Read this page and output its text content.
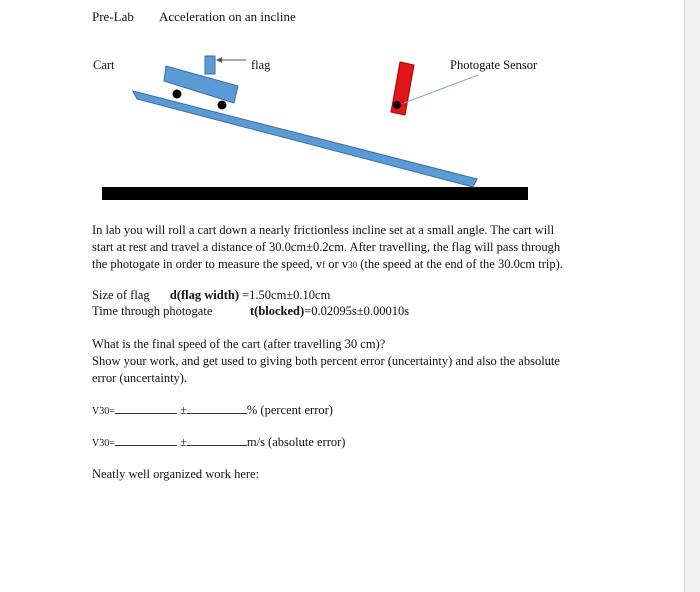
Pre-Lab Acceleration on an incline
Cart	flag	Photogate Sensor
In lab you will roll a cart down a nearly frictionless incline set at a small angle. The cart will
start at rest and travel a distance of 30.0cm±0.2cm. After travelling, the flag will pass through
the photogate in order to measure the speed, vf or v30 (the speed at the end of the 30.0cm trip).
Size of flag d(flag width) =1.50cm±0.10cm
Time through photogate	t(blocked)=0.02095s±0.00010s
What is the final speed of the cart (after travelling 30 cm)?
Show your work, and get used to giving both percent error (uncertainty) and also the absolute
error (uncertainty).
V30=	±	% (percent error)
V30=	±	m/s (absolute error)
Neatly well organized work here:
